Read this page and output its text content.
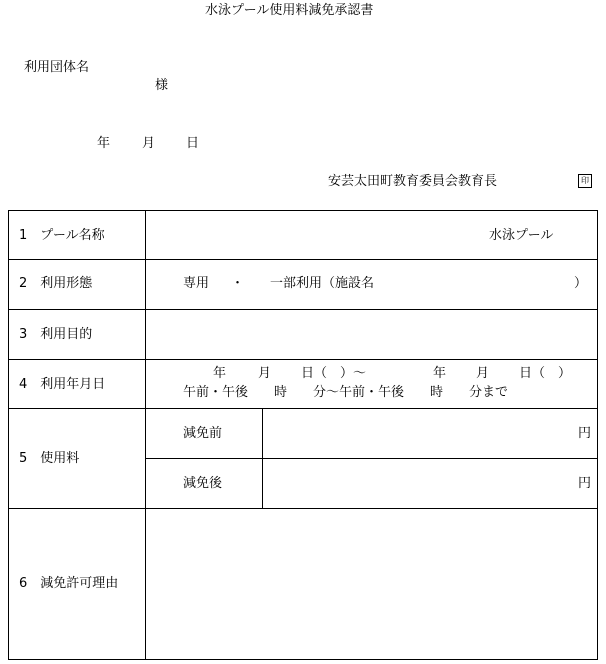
水泳プール使用料減免承認書
利用団体名
様
年 月 日
安芸太田町教育委員会教育長	印
1　プール名称	水泳プール
2　利用形態	専用 ・ 一部利用（施設名	）
3　利用目的
4　利用年月日
年 月 日（　）～	年 月 日（　）
午前・午後　　時　　分～午前・午後　　時　　分まで
5　使用料
減免前	円
減免後	円
6　減免許可理由
